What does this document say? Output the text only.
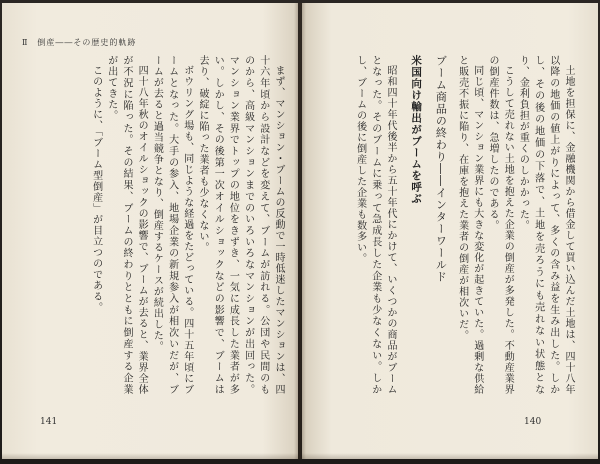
Ⅱ　倒産――その歴史的軌跡

まず、マンション・ブームの反動で一時低迷したマンションは、四十六年頃から設計などを変えて、ブームが訪れる。公団や民間のものから、高級マンションまでのいろいろなマンションが出回った。マンション業界でトップの地位をきずき、一気に成長した業者が多い。しかし、その後第一次オイルショックなどの影響で、ブームは去り、破綻に陥った業者も少なくない。

ボウリング場も、同じような経過をたどっている。四十五年頃にブームとなった。大手の参入、地場企業の新規参入が相次いだが、ブームが去ると過当競争となり、倒産するケースが続出した。

四十八年秋のオイルショックの影響で、ブームが去ると、業界全体が不況に陥った。その結果、ブームの終わりとともに倒産する企業が出てきた。

このように、「ブーム型倒産」が目立つのである。

141

土地を担保に、金融機関から借金して買い込んだ土地は、四十八年以降の地価の値上がりによって、多くの含み益を生み出した。しかし、その後の地価の下落で、土地を売ろうにも売れない状態となり、金利負担が重くのしかかった。

こうして売れない土地を抱えた企業の倒産が多発した。不動産業界の倒産件数は、急増したのである。

同じ頃、マンション業界にも大きな変化が起きていた。過剰な供給と販売不振に陥り、在庫を抱えた業者の倒産が相次いだ。

ブーム商品の終わり――インターワールド
米国向け輸出がブームを呼ぶ

昭和四十年代後半から五十年代にかけて、いくつかの商品がブームとなった。そのブームに乗って急成長した企業も少なくない。しかし、ブームの後に倒産した企業も数多い。

140
